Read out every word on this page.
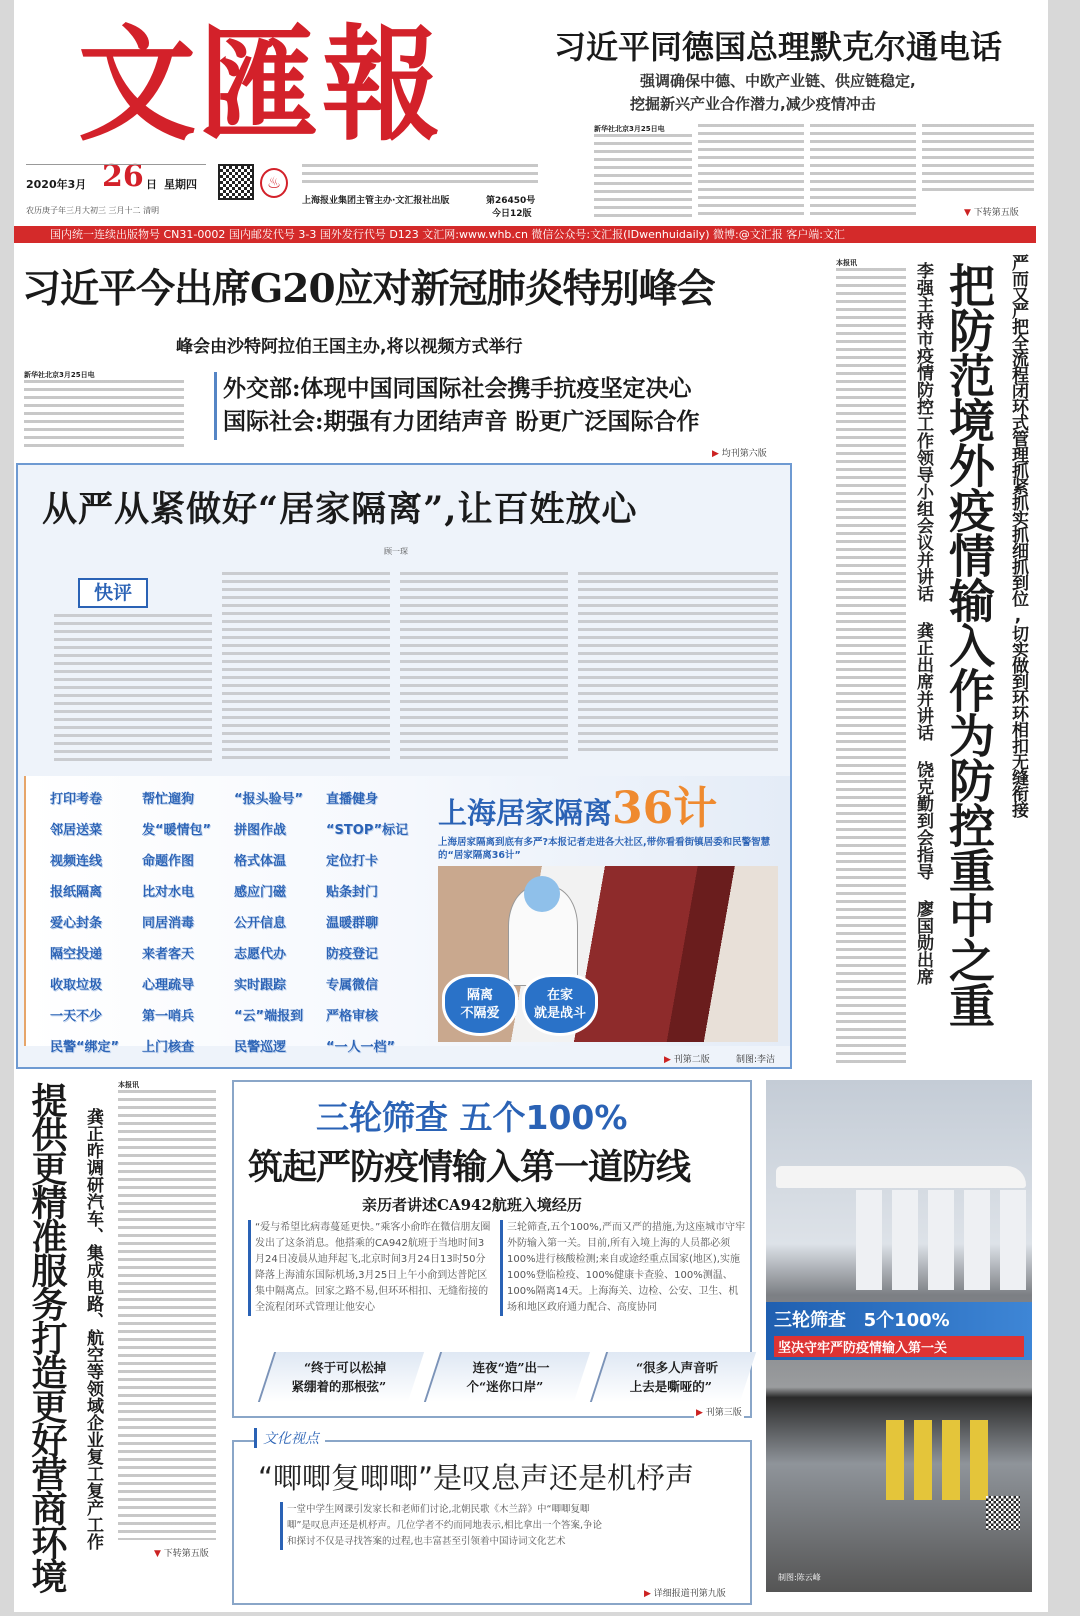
文匯報
2020年3月 26 日 星期四
农历庚子年三月大初三 三月十二 清明
♨
上海报业集团主管主办·文汇报社出版	第26450号
今日12版
习近平同德国总理默克尔通电话
强调确保中德、中欧产业链、供应链稳定,
挖掘新兴产业合作潜力,减少疫情冲击
新华社北京3月25日电
▼ 下转第五版
国内统一连续出版物号 CN31-0002 国内邮发代号 3-3 国外发行代号 D123 文汇网:www.whb.cn 微信公众号:文汇报(IDwenhuidaily) 微博:@文汇报 客户端:文汇
习近平今出席G20应对新冠肺炎特别峰会
峰会由沙特阿拉伯王国主办,将以视频方式举行
新华社北京3月25日电	外交部:体现中国同国际社会携手抗疫坚定决心
国际社会:期强有力团结声音 盼更广泛国际合作
▶ 均刊第六版
从严从紧做好“居家隔离”,让百姓放心
顾一琛
快评
打印考卷	帮忙遛狗	“报头验号”	直播健身
邻居送菜	发“暖情包”	拼图作战	“STOP”标记
视频连线	命题作图	格式体温	定位打卡
报纸隔离	比对水电	感应门磁	贴条封门
爱心封条	同居消毒	公开信息	温暖群聊
隔空投递	来者客天	志愿代办	防疫登记
收取垃圾	心理疏导	实时跟踪	专属微信
一天不少	第一哨兵	“云”端报到	严格审核
民警“绑定”	上门核查	民警巡逻	“一人一档”
上海居家隔离36计
上海居家隔离到底有多严?本报记者走进各大社区,带你看看街镇居委和民警智慧的“居家隔离36计”
隔离
不隔爱
在家
就是战斗
▶ 刊第二版	制图:李洁
本报讯	李强主持市疫情防控工作领导小组会议并讲话 龚正出席并讲话 饶克勤到会指导 廖国勋出席 把防范境外疫情输入作为防控重中之重 严而又严把全流程闭环式管理抓紧抓实抓细抓到位,切实做到环环相扣无缝衔接
提供更精准服务打造更好营商环境 龚正昨调研汽车、集成电路、航空等领域企业复工复产工作
本报讯
▼ 下转第五版
三轮筛查 五个100%
筑起严防疫情输入第一道防线
亲历者讲述CA942航班入境经历
“爱与希望比病毒蔓延更快。”乘客小俞昨在微信朋友圈发出了这条消息。他搭乘的CA942航班于当地时间3月24日凌晨从迪拜起飞,北京时间3月24日13时50分降落上海浦东国际机场,3月25日上午小俞到达普陀区集中隔离点。回家之路不易,但环环相扣、无缝衔接的全流程闭环式管理让他安心
三轮筛查,五个100%,严而又严的措施,为这座城市守牢外防输入第一关。目前,所有入境上海的人员都必须100%进行核酸检测;来自或途经重点国家(地区),实施100%登临检疫、100%健康卡查验、100%测温、100%隔离14天。上海海关、边检、公安、卫生、机场和地区政府通力配合、高度协同
“终于可以松掉
紧绷着的那根弦”
连夜“造”出一
个“迷你口岸”
“很多人声音听
上去是嘶哑的”
▶ 刊第三版
文化视点
“唧唧复唧唧”是叹息声还是机杼声
一堂中学生网课引发家长和老师们讨论,北朝民歌《木兰辞》中“唧唧复唧唧”是叹息声还是机杼声。几位学者不约而同地表示,相比拿出一个答案,争论和探讨不仅是寻找答案的过程,也丰富甚至引领着中国诗词文化艺术
▶ 详细报道刊第九版
三轮筛查 5个100%
坚决守牢严防疫情输入第一关
制图:陈云峰
